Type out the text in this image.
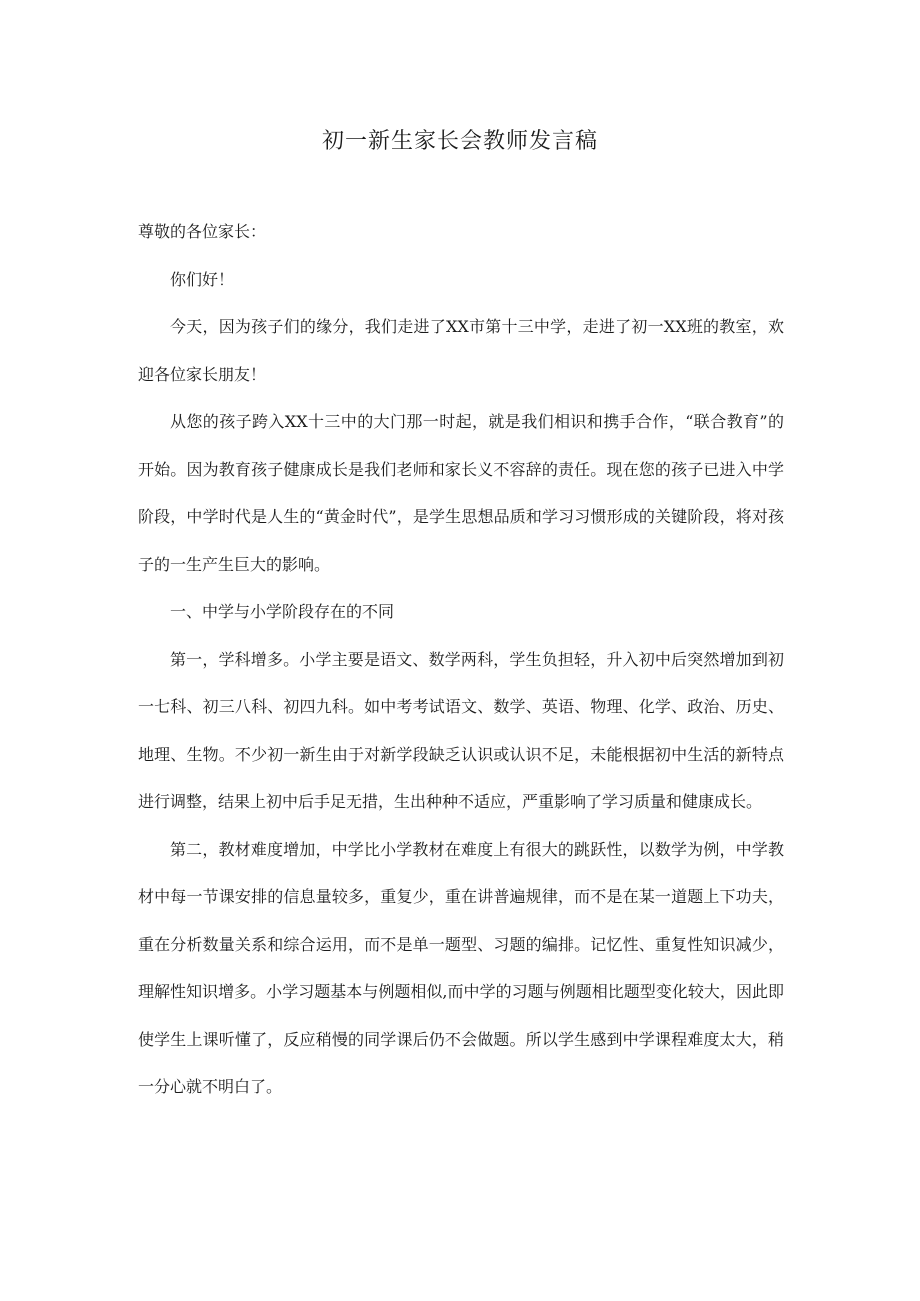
初一新生家长会教师发言稿

尊敬的各位家长：

你们好！

今天，因为孩子们的缘分，我们走进了XX市第十三中学，走进了初一XX班的教室，欢迎各位家长朋友！

从您的孩子跨入XX十三中的大门那一时起，就是我们相识和携手合作，“联合教育”的开始。因为教育孩子健康成长是我们老师和家长义不容辞的责任。现在您的孩子已进入中学阶段，中学时代是人生的“黄金时代”，是学生思想品质和学习习惯形成的关键阶段，将对孩子的一生产生巨大的影响。

一、中学与小学阶段存在的不同

第一，学科增多。小学主要是语文、数学两科，学生负担轻，升入初中后突然增加到初一七科、初三八科、初四九科。如中考考试语文、数学、英语、物理、化学、政治、历史、地理、生物。不少初一新生由于对新学段缺乏认识或认识不足，未能根据初中生活的新特点进行调整，结果上初中后手足无措，生出种种不适应，严重影响了学习质量和健康成长。

第二，教材难度增加，中学比小学教材在难度上有很大的跳跃性，以数学为例，中学教材中每一节课安排的信息量较多，重复少，重在讲普遍规律，而不是在某一道题上下功夫，重在分析数量关系和综合运用，而不是单一题型、习题的编排。记忆性、重复性知识减少，理解性知识增多。小学习题基本与例题相似,而中学的习题与例题相比题型变化较大，因此即使学生上课听懂了，反应稍慢的同学课后仍不会做题。所以学生感到中学课程难度太大，稍一分心就不明白了。
